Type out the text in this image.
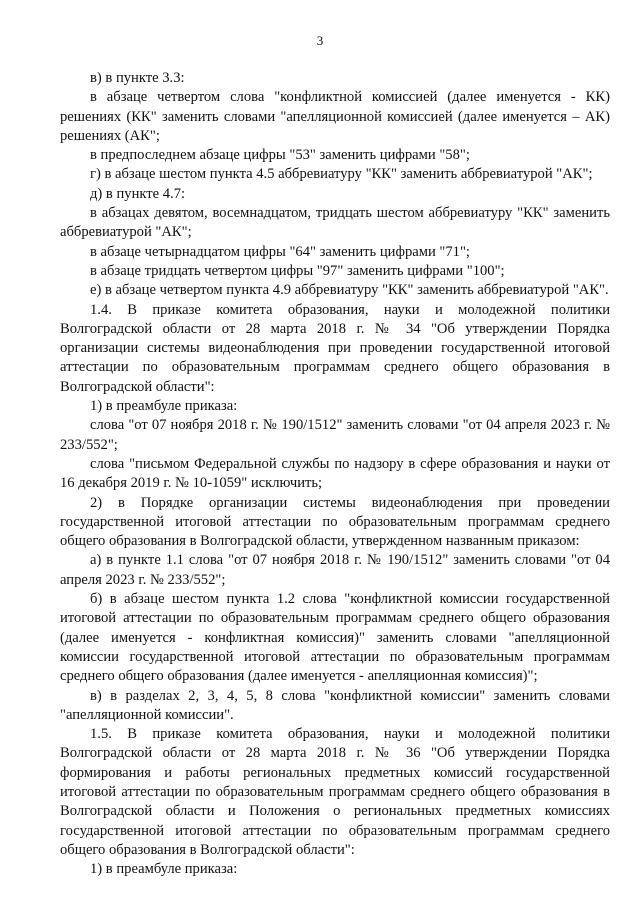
3

в) в пункте 3.3:

в абзаце четвертом слова "конфликтной комиссией (далее именуется - КК) решениях (КК" заменить словами "апелляционной комиссией (далее именуется – АК) решениях (АК";

в предпоследнем абзаце цифры "53" заменить цифрами "58";

г) в абзаце шестом пункта 4.5 аббревиатуру "КК" заменить аббревиатурой "АК";

д) в пункте 4.7:

в абзацах девятом, восемнадцатом, тридцать шестом аббревиатуру "КК" заменить аббревиатурой "АК";

в абзаце четырнадцатом цифры "64" заменить цифрами "71";

в абзаце тридцать четвертом цифры "97" заменить цифрами "100";

е) в абзаце четвертом пункта 4.9 аббревиатуру "КК" заменить аббревиатурой "АК".

1.4. В приказе комитета образования, науки и молодежной политики Волгоградской области от 28 марта 2018 г. № 34 "Об утверждении Порядка организации системы видеонаблюдения при проведении государственной итоговой аттестации по образовательным программам среднего общего образования в Волгоградской области":

1) в преамбуле приказа:

слова "от 07 ноября 2018 г. № 190/1512" заменить словами "от 04 апреля 2023 г. № 233/552";

слова "письмом Федеральной службы по надзору в сфере образования и науки от 16 декабря 2019 г. № 10-1059" исключить;

2) в Порядке организации системы видеонаблюдения при проведении государственной итоговой аттестации по образовательным программам среднего общего образования в Волгоградской области, утвержденном названным приказом:

а) в пункте 1.1 слова "от 07 ноября 2018 г. № 190/1512" заменить словами "от 04 апреля 2023 г. № 233/552";

б) в абзаце шестом пункта 1.2 слова "конфликтной комиссии государственной итоговой аттестации по образовательным программам среднего общего образования (далее именуется - конфликтная комиссия)" заменить словами "апелляционной комиссии государственной итоговой аттестации по образовательным программам среднего общего образования (далее именуется - апелляционная комиссия)";

в) в разделах 2, 3, 4, 5, 8 слова "конфликтной комиссии" заменить словами "апелляционной комиссии".

1.5. В приказе комитета образования, науки и молодежной политики Волгоградской области от 28 марта 2018 г. № 36 "Об утверждении Порядка формирования и работы региональных предметных комиссий государственной итоговой аттестации по образовательным программам среднего общего образования в Волгоградской области и Положения о региональных предметных комиссиях государственной итоговой аттестации по образовательным программам среднего общего образования в Волгоградской области":

1) в преамбуле приказа:
